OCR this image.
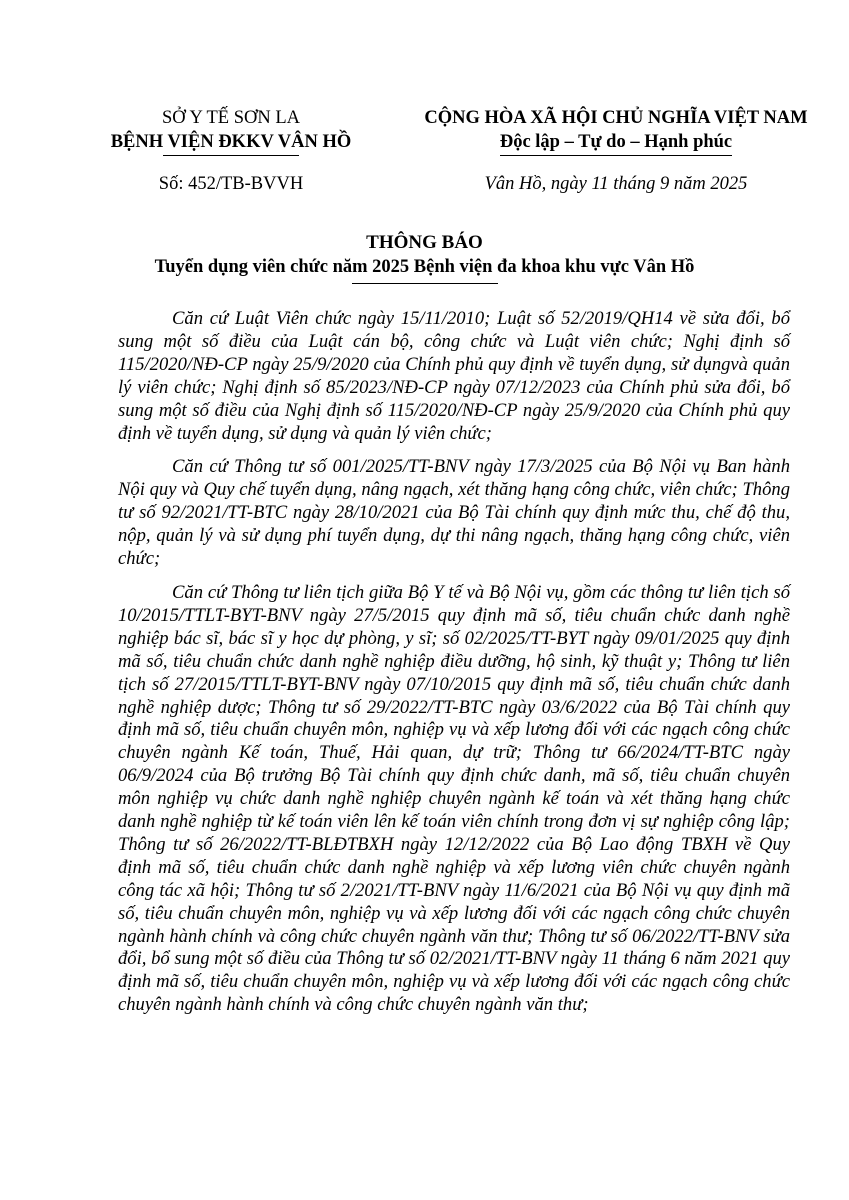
SỞ Y TẾ SƠN LA
BỆNH VIỆN ĐKKV VÂN HỒ
CỘNG HÒA XÃ HỘI CHỦ NGHĨA VIỆT NAM
Độc lập – Tự do – Hạnh phúc
Số: 452/TB-BVVH	Vân Hồ, ngày 11 tháng 9 năm 2025
THÔNG BÁO
Tuyển dụng viên chức năm 2025 Bệnh viện đa khoa khu vực Vân Hồ

Căn cứ Luật Viên chức ngày 15/11/2010; Luật số 52/2019/QH14 về sửa đổi, bổ sung một số điều của Luật cán bộ, công chức và Luật viên chức; Nghị định số 115/2020/NĐ-CP ngày 25/9/2020 của Chính phủ quy định về tuyển dụng, sử dụngvà quản lý viên chức; Nghị định số 85/2023/NĐ-CP ngày 07/12/2023 của Chính phủ sửa đổi, bổ sung một số điều của Nghị định số 115/2020/NĐ-CP ngày 25/9/2020 của Chính phủ quy định về tuyển dụng, sử dụng và quản lý viên chức;

Căn cứ Thông tư số 001/2025/TT-BNV ngày 17/3/2025 của Bộ Nội vụ Ban hành Nội quy và Quy chế tuyển dụng, nâng ngạch, xét thăng hạng công chức, viên chức; Thông tư số 92/2021/TT-BTC ngày 28/10/2021 của Bộ Tài chính quy định mức thu, chế độ thu, nộp, quản lý và sử dụng phí tuyển dụng, dự thi nâng ngạch, thăng hạng công chức, viên chức;

Căn cứ Thông tư liên tịch giữa Bộ Y tế và Bộ Nội vụ, gồm các thông tư liên tịch số 10/2015/TTLT-BYT-BNV ngày 27/5/2015 quy định mã số, tiêu chuẩn chức danh nghề nghiệp bác sĩ, bác sĩ y học dự phòng, y sĩ; số 02/2025/TT-BYT ngày 09/01/2025 quy định mã số, tiêu chuẩn chức danh nghề nghiệp điều dưỡng, hộ sinh, kỹ thuật y; Thông tư liên tịch số 27/2015/TTLT-BYT-BNV ngày 07/10/2015 quy định mã số, tiêu chuẩn chức danh nghề nghiệp dược; Thông tư số 29/2022/TT-BTC ngày 03/6/2022 của Bộ Tài chính quy định mã số, tiêu chuẩn chuyên môn, nghiệp vụ và xếp lương đối với các ngạch công chức chuyên ngành Kế toán, Thuế, Hải quan, dự trữ; Thông tư 66/2024/TT-BTC ngày 06/9/2024 của Bộ trưởng Bộ Tài chính quy định chức danh, mã số, tiêu chuẩn chuyên môn nghiệp vụ chức danh nghề nghiệp chuyên ngành kế toán và xét thăng hạng chức danh nghề nghiệp từ kế toán viên lên kế toán viên chính trong đơn vị sự nghiệp công lập; Thông tư số 26/2022/TT-BLĐTBXH ngày 12/12/2022 của Bộ Lao động TBXH về Quy định mã số, tiêu chuẩn chức danh nghề nghiệp và xếp lương viên chức chuyên ngành công tác xã hội; Thông tư số 2/2021/TT-BNV ngày 11/6/2021 của Bộ Nội vụ quy định mã số, tiêu chuẩn chuyên môn, nghiệp vụ và xếp lương đối với các ngạch công chức chuyên ngành hành chính và công chức chuyên ngành văn thư; Thông tư số 06/2022/TT-BNV sửa đổi, bổ sung một số điều của Thông tư số 02/2021/TT-BNV ngày 11 tháng 6 năm 2021 quy định mã số, tiêu chuẩn chuyên môn, nghiệp vụ và xếp lương đối với các ngạch công chức chuyên ngành hành chính và công chức chuyên ngành văn thư;
